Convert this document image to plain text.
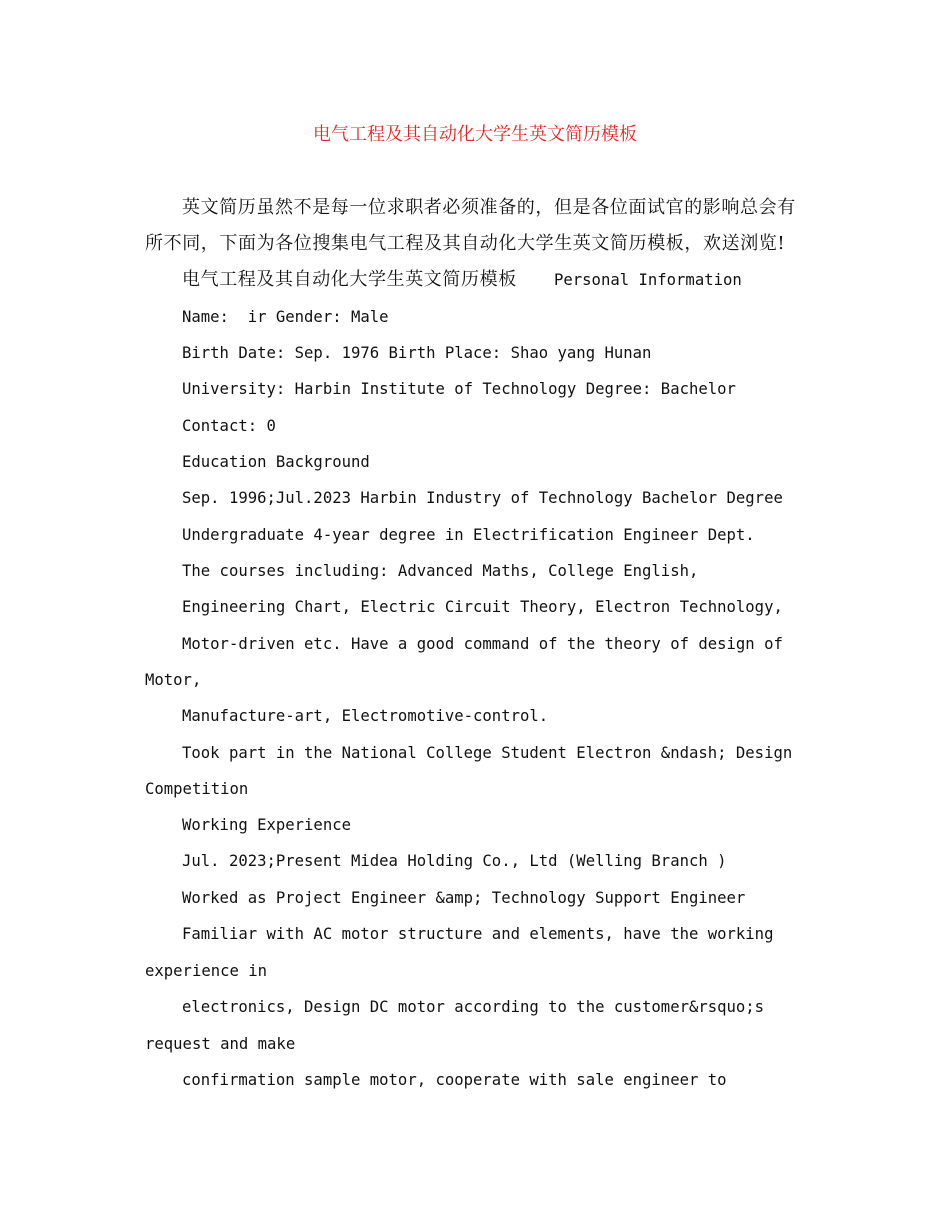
电气工程及其自动化大学生英文简历模板
英文简历虽然不是每一位求职者必须准备的，但是各位面试官的影响总会有
所不同，下面为各位搜集电气工程及其自动化大学生英文简历模板，欢送浏览!
电气工程及其自动化大学生英文简历模板 Personal Information
Name:  ir Gender: Male
Birth Date: Sep. 1976 Birth Place: Shao yang Hunan
University: Harbin Institute of Technology Degree: Bachelor
Contact: 0
Education Background
Sep. 1996;Jul.2023 Harbin Industry of Technology Bachelor Degree
Undergraduate 4-year degree in Electrification Engineer Dept.
The courses including: Advanced Maths, College English,
Engineering Chart, Electric Circuit Theory, Electron Technology,
Motor-driven etc. Have a good command of the theory of design of
Motor,
Manufacture-art, Electromotive-control.
Took part in the National College Student Electron &ndash; Design
Competition
Working Experience
Jul. 2023;Present Midea Holding Co., Ltd (Welling Branch )
Worked as Project Engineer &amp; Technology Support Engineer
Familiar with AC motor structure and elements, have the working
experience in
electronics, Design DC motor according to the customer&rsquo;s
request and make
confirmation sample motor, cooperate with sale engineer to
